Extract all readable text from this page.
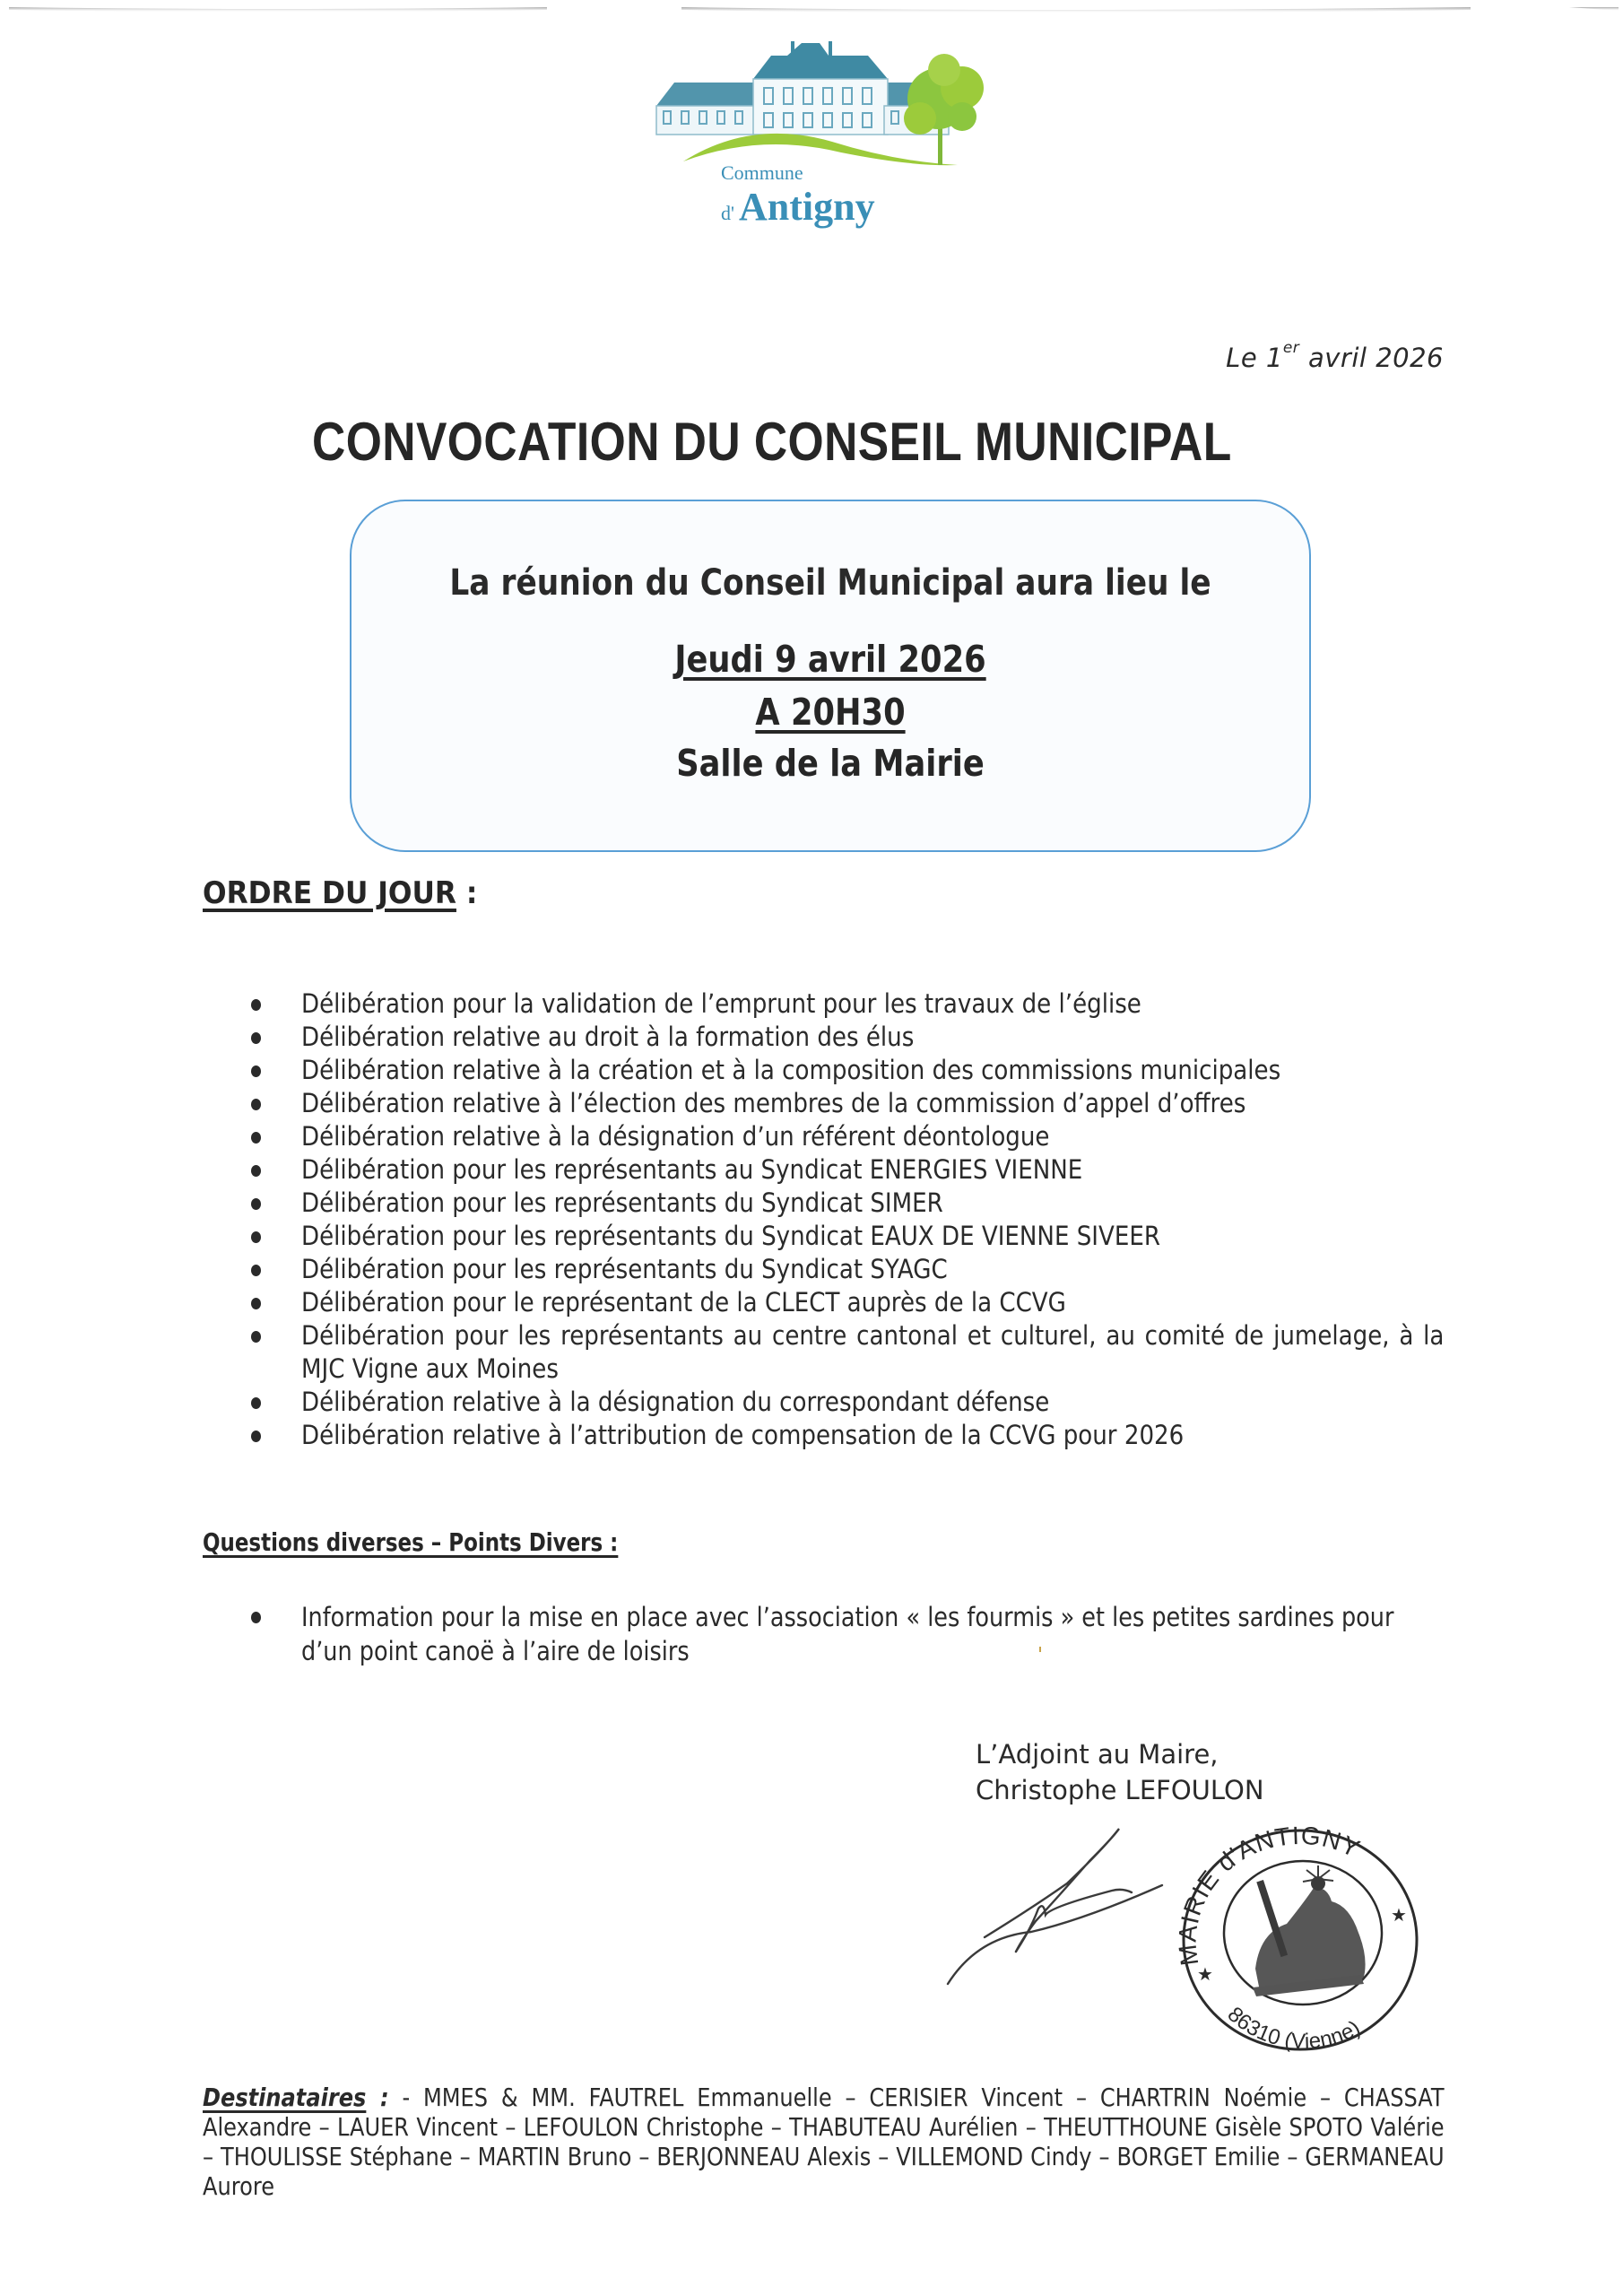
Commune
d' Antigny
Le 1er avril 2026
CONVOCATION DU CONSEIL MUNICIPAL
La réunion du Conseil Municipal aura lieu le
Jeudi 9 avril 2026
A 20H30
Salle de la Mairie
ORDRE DU JOUR :
Délibération pour la validation de l’emprunt pour les travaux de l’église
Délibération relative au droit à la formation des élus
Délibération relative à la création et à la composition des commissions municipales
Délibération relative à l’élection des membres de la commission d’appel d’offres
Délibération relative à la désignation d’un référent déontologue
Délibération pour les représentants au Syndicat ENERGIES VIENNE
Délibération pour les représentants du Syndicat SIMER
Délibération pour les représentants du Syndicat EAUX DE VIENNE SIVEER
Délibération pour les représentants du Syndicat SYAGC
Délibération pour le représentant de la CLECT auprès de la CCVG
Délibération pour les représentants au centre cantonal et culturel, au comité de jumelage, à la MJC Vigne aux Moines
Délibération relative à la désignation du correspondant défense
Délibération relative à l’attribution de compensation de la CCVG pour 2026
Questions diverses – Points Divers :
Information pour la mise en place avec l’association « les fourmis » et les petites sardines pour d’un point canoë à l’aire de loisirs
L’Adjoint au Maire,
Christophe LEFOULON
★
★
MAIRIE d'ANTIGNY
86310 (Vienne)
Destinataires : - MMES & MM. FAUTREL Emmanuelle – CERISIER Vincent – CHARTRIN Noémie – CHASSAT Alexandre – LAUER Vincent – LEFOULON Christophe – THABUTEAU Aurélien – THEUTTHOUNE Gisèle SPOTO Valérie – THOULISSE Stéphane – MARTIN Bruno – BERJONNEAU Alexis – VILLEMOND Cindy – BORGET Emilie – GERMANEAU Aurore
